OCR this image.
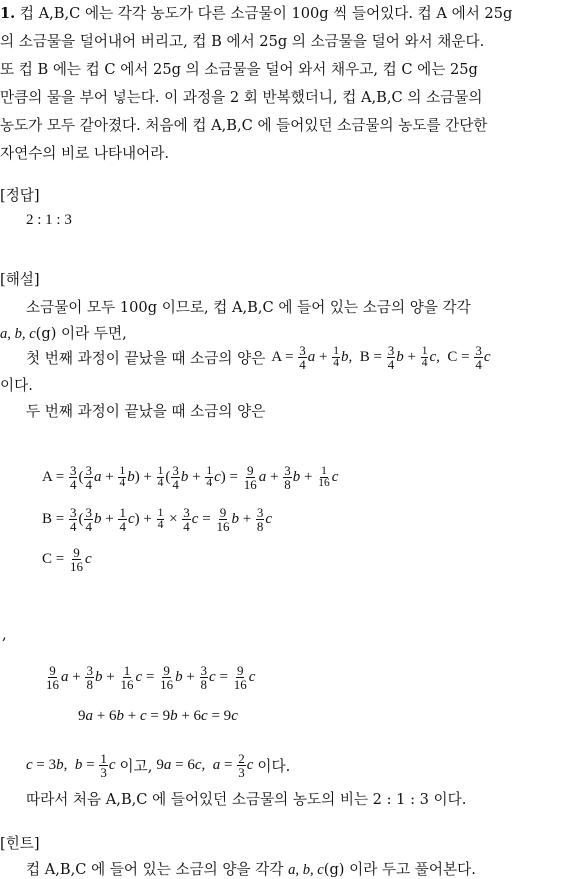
1. 컵 A,B,C 에는 각각 농도가 다른 소금물이 100g 씩 들어있다. 컵 A 에서 25g
의 소금물을 덜어내어 버리고, 컵 B 에서 25g 의 소금물을 덜어 와서 채운다.
또 컵 B 에는 컵 C 에서 25g 의 소금물을 덜어 와서 채우고, 컵 C 에는 25g
만큼의 물을 부어 넣는다. 이 과정을 2 회 반복했더니, 컵 A,B,C 의 소금물의
농도가 모두 같아졌다. 처음에 컵 A,B,C 에 들어있던 소금물의 농도를 간단한
자연수의 비로 나타내어라.
[정답]
2 : 1 : 3
[해설]
소금물이 모두 100g 이므로, 컵 A,B,C 에 들어 있는 소금의 양을 각각
a, b, c(g) 이라 두면,
첫 번째 과정이 끝났을 때 소금의 양은 $A = \frac{3}{4}$ $a + \frac{1}{4}$ b ,  $B = \frac{3}{4}$ $b + \frac{1}{4}$ c ,  $C = \frac{3}{4}$ c
이다.
두 번째 과정이 끝났을 때 소금의 양은
$A = \frac{3}{4}$ ( $\frac{3}{4}$ $a + \frac{1}{4}$ b ) + $\frac{1}{4}$ ( $\frac{3}{4}$ $b + \frac{1}{4}$ c ) = $\frac{9}{16}$ $a + \frac{3}{8}$ $b + \frac{1}{16}$ c
$B = \frac{3}{4}$ ( $\frac{3}{4}$ $b + \frac{1}{4}$ c ) + $\frac{1}{4} \times \frac{3}{4}$ $c = \frac{9}{16}$ $b + \frac{3}{8}$ c
$C = \frac{9}{16}$ c
,
$\frac{9}{16}$ $a + \frac{3}{8}$ $b + \frac{1}{16}$ $c = \frac{9}{16}$ $b + \frac{3}{8}$ $c = \frac{9}{16}$ c
9a + 6b + c = 9b + 6c = 9c
c = 3 b , $b = \frac{1}{3}$ c 이고, 9 a = 6 c , $a = \frac{2}{3}$ c 이다.
따라서 처음 A,B,C 에 들어있던 소금물의 농도의 비는 2 : 1 : 3 이다.
[힌트]
컵 A,B,C 에 들어 있는 소금의 양을 각각 a, b, c(g) 이라 두고 풀어본다.
